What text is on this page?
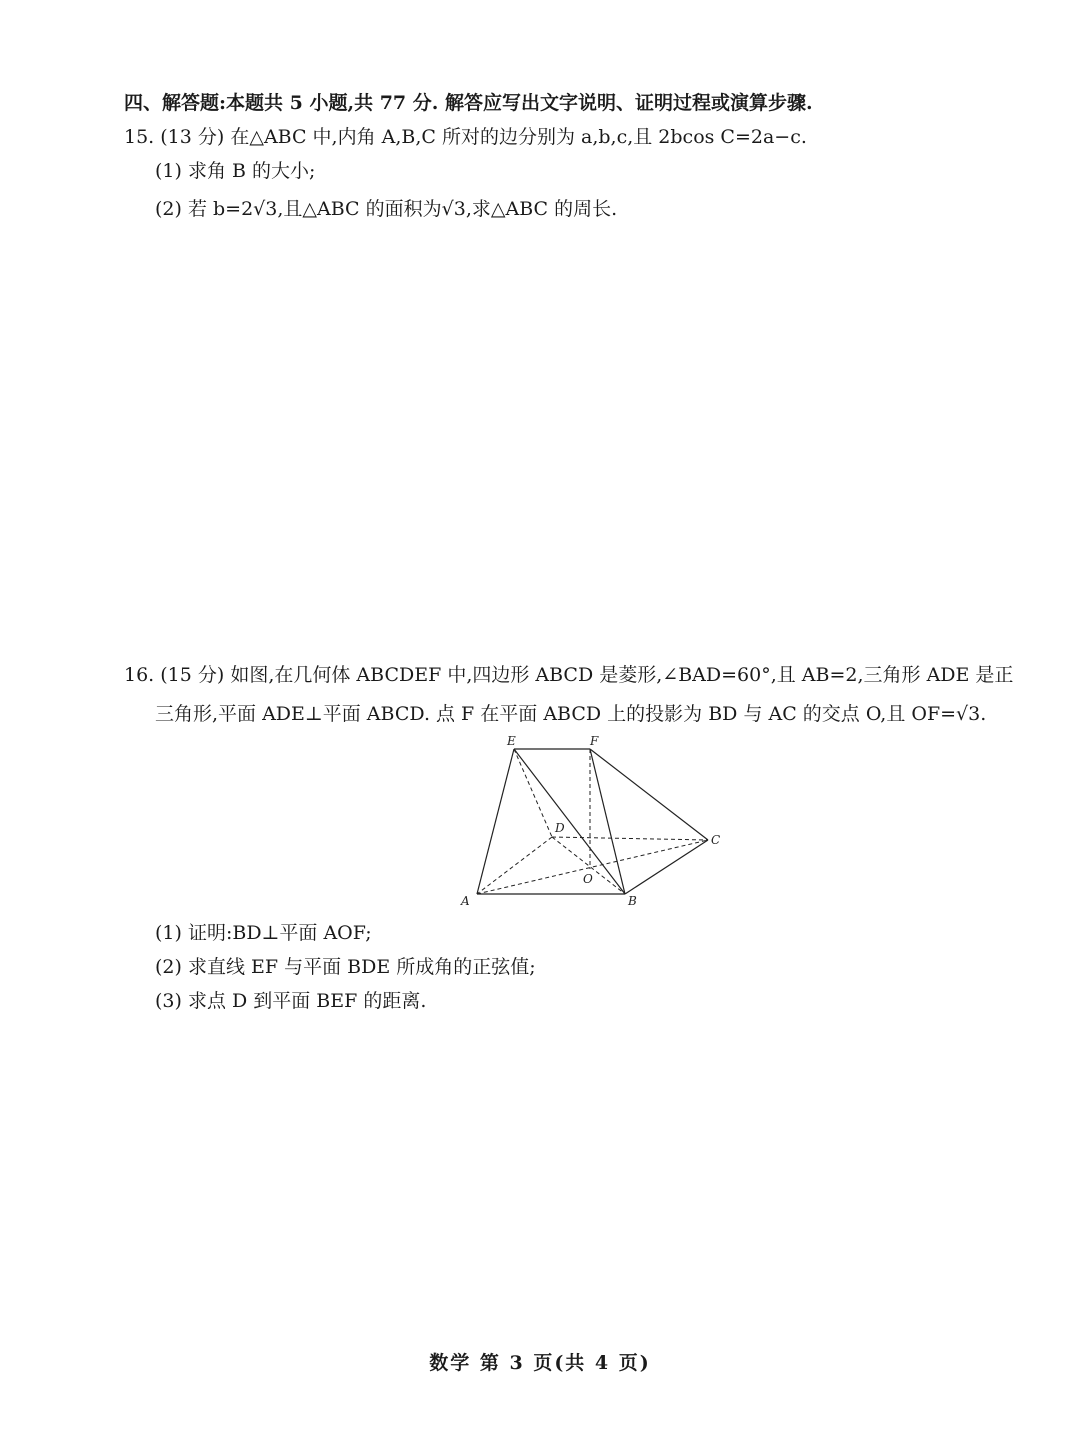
四、解答题:本题共 5 小题,共 77 分. 解答应写出文字说明、证明过程或演算步骤.
15. (13 分) 在△ABC 中,内角 A,B,C 所对的边分别为 a,b,c,且 2bcos C=2a−c.
(1) 求角 B 的大小;
(2) 若 b=2√3,且△ABC 的面积为√3,求△ABC 的周长.
16. (15 分) 如图,在几何体 ABCDEF 中,四边形 ABCD 是菱形,∠BAD=60°,且 AB=2,三角形 ADE 是正
三角形,平面 ADE⊥平面 ABCD. 点 F 在平面 ABCD 上的投影为 BD 与 AC 的交点 O,且 OF=√3.
E	F
D
C
O
A	B
(1) 证明:BD⊥平面 AOF;
(2) 求直线 EF 与平面 BDE 所成角的正弦值;
(3) 求点 D 到平面 BEF 的距离.
数学 第 3 页(共 4 页)
